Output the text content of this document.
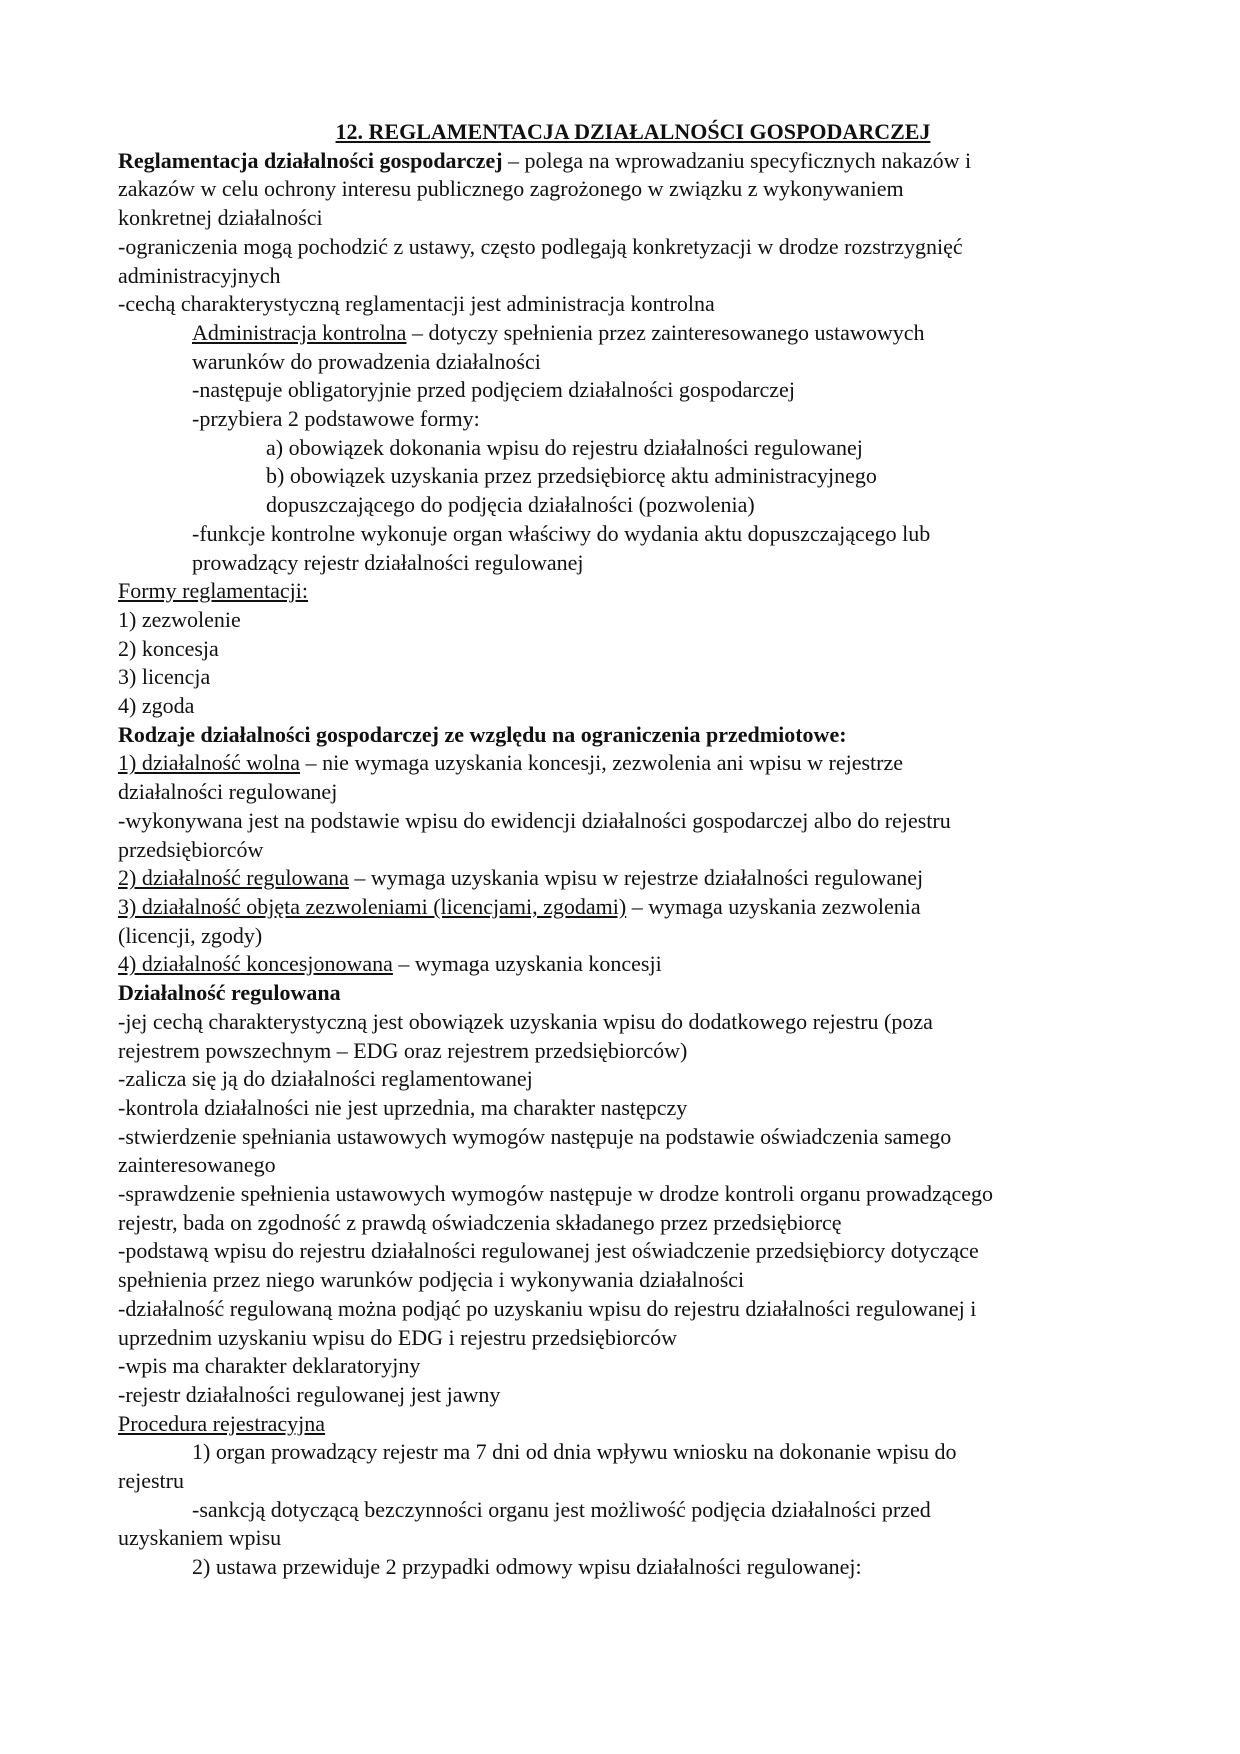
12. REGLAMENTACJA DZIAŁALNOŚCI GOSPODARCZEJ
Reglamentacja działalności gospodarczej – polega na wprowadzaniu specyficznych nakazów i
zakazów w celu ochrony interesu publicznego zagrożonego w związku z wykonywaniem
konkretnej działalności
-ograniczenia mogą pochodzić z ustawy, często podlegają konkretyzacji w drodze rozstrzygnięć
administracyjnych
-cechą charakterystyczną reglamentacji jest administracja kontrolna
Administracja kontrolna – dotyczy spełnienia przez zainteresowanego ustawowych
warunków do prowadzenia działalności
-następuje obligatoryjnie przed podjęciem działalności gospodarczej
-przybiera 2 podstawowe formy:
a) obowiązek dokonania wpisu do rejestru działalności regulowanej
b) obowiązek uzyskania przez przedsiębiorcę aktu administracyjnego
dopuszczającego do podjęcia działalności (pozwolenia)
-funkcje kontrolne wykonuje organ właściwy do wydania aktu dopuszczającego lub
prowadzący rejestr działalności regulowanej
Formy reglamentacji:
1) zezwolenie
2) koncesja
3) licencja
4) zgoda
Rodzaje działalności gospodarczej ze względu na ograniczenia przedmiotowe:
1) działalność wolna – nie wymaga uzyskania koncesji, zezwolenia ani wpisu w rejestrze
działalności regulowanej
-wykonywana jest na podstawie wpisu do ewidencji działalności gospodarczej albo do rejestru
przedsiębiorców
2) działalność regulowana – wymaga uzyskania wpisu w rejestrze działalności regulowanej
3) działalność objęta zezwoleniami (licencjami, zgodami) – wymaga uzyskania zezwolenia
(licencji, zgody)
4) działalność koncesjonowana – wymaga uzyskania koncesji
Działalność regulowana
-jej cechą charakterystyczną jest obowiązek uzyskania wpisu do dodatkowego rejestru (poza
rejestrem powszechnym – EDG oraz rejestrem przedsiębiorców)
-zalicza się ją do działalności reglamentowanej
-kontrola działalności nie jest uprzednia, ma charakter następczy
-stwierdzenie spełniania ustawowych wymogów następuje na podstawie oświadczenia samego
zainteresowanego
-sprawdzenie spełnienia ustawowych wymogów następuje w drodze kontroli organu prowadzącego
rejestr, bada on zgodność z prawdą oświadczenia składanego przez przedsiębiorcę
-podstawą wpisu do rejestru działalności regulowanej jest oświadczenie przedsiębiorcy dotyczące
spełnienia przez niego warunków podjęcia i wykonywania działalności
-działalność regulowaną można podjąć po uzyskaniu wpisu do rejestru działalności regulowanej i
uprzednim uzyskaniu wpisu do EDG i rejestru przedsiębiorców
-wpis ma charakter deklaratoryjny
-rejestr działalności regulowanej jest jawny
Procedura rejestracyjna
1) organ prowadzący rejestr ma 7 dni od dnia wpływu wniosku na dokonanie wpisu do
rejestru
-sankcją dotyczącą bezczynności organu jest możliwość podjęcia działalności przed
uzyskaniem wpisu
2) ustawa przewiduje 2 przypadki odmowy wpisu działalności regulowanej:
